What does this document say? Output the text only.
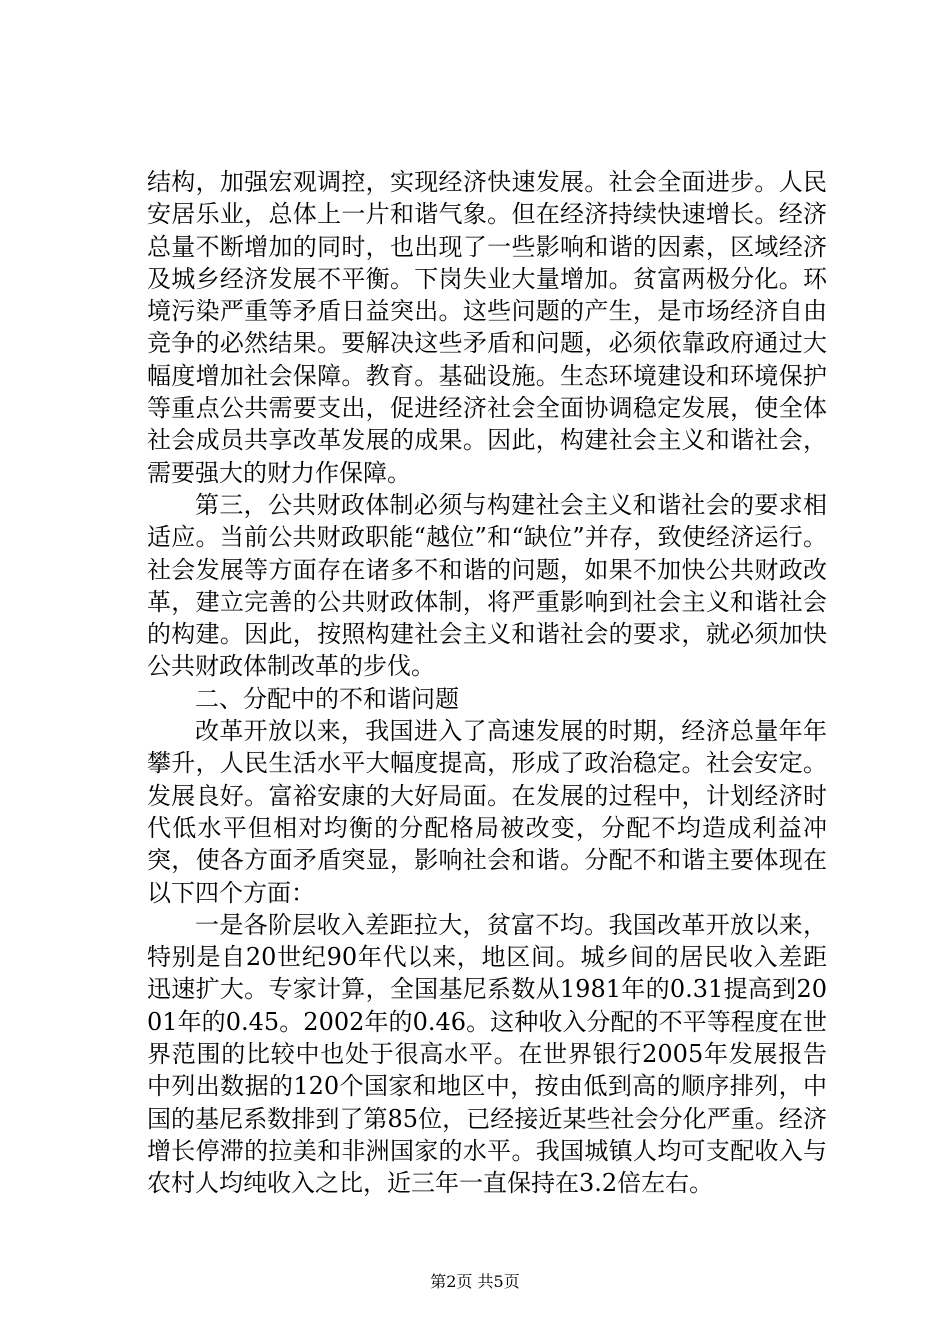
结构，加强宏观调控，实现经济快速发展。社会全面进步。人民安居乐业，总体上一片和谐气象。但在经济持续快速增长。经济总量不断增加的同时，也出现了一些影响和谐的因素，区域经济及城乡经济发展不平衡。下岗失业大量增加。贫富两极分化。环境污染严重等矛盾日益突出。这些问题的产生，是市场经济自由竞争的必然结果。要解决这些矛盾和问题，必须依靠政府通过大幅度增加社会保障。教育。基础设施。生态环境建设和环境保护等重点公共需要支出，促进经济社会全面协调稳定发展，使全体社会成员共享改革发展的成果。因此，构建社会主义和谐社会，需要强大的财力作保障。

第三，公共财政体制必须与构建社会主义和谐社会的要求相适应。当前公共财政职能“越位”和“缺位”并存，致使经济运行。社会发展等方面存在诸多不和谐的问题，如果不加快公共财政改革，建立完善的公共财政体制，将严重影响到社会主义和谐社会的构建。因此，按照构建社会主义和谐社会的要求，就必须加快公共财政体制改革的步伐。

二、分配中的不和谐问题

改革开放以来，我国进入了高速发展的时期，经济总量年年攀升，人民生活水平大幅度提高，形成了政治稳定。社会安定。发展良好。富裕安康的大好局面。在发展的过程中，计划经济时代低水平但相对均衡的分配格局被改变，分配不均造成利益冲突，使各方面矛盾突显，影响社会和谐。分配不和谐主要体现在以下四个方面：

一是各阶层收入差距拉大，贫富不均。我国改革开放以来，特别是自20世纪90年代以来，地区间。城乡间的居民收入差距迅速扩大。专家计算，全国基尼系数从1981年的0.31提高到2001年的0.45。2002年的0.46。这种收入分配的不平等程度在世界范围的比较中也处于很高水平。在世界银行2005年发展报告中列出数据的120个国家和地区中，按由低到高的顺序排列，中国的基尼系数排到了第85位，已经接近某些社会分化严重。经济增长停滞的拉美和非洲国家的水平。我国城镇人均可支配收入与农村人均纯收入之比，近三年一直保持在3.2倍左右。

第2页 共5页
